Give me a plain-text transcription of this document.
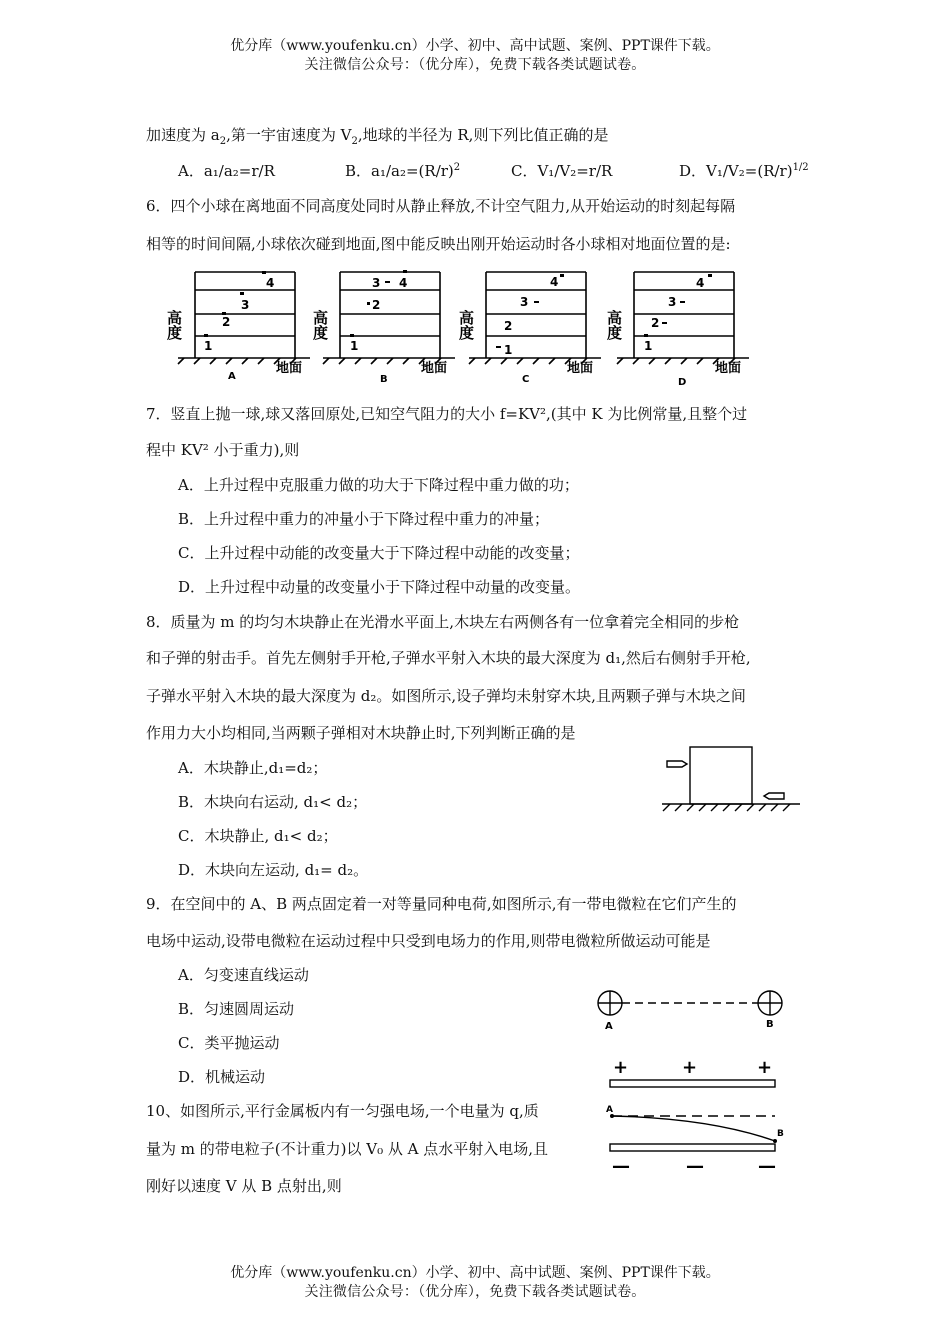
优分库（www.youfenku.cn）小学、初中、高中试题、案例、PPT课件下载。
关注微信公众号：（优分库），免费下载各类试题试卷。
加速度为 $a_2$,第一宇宙速度为 $V_2$,地球的半径为 R,则下列比值正确的是
A．a₁/a₂=r/R	B．$a_1/a_2=(R/r)^2$	C．V₁/V₂=r/R	D．$V_1/V_2=(R/r)^{1/2}$
6．四个小球在离地面不同高度处同时从静止释放,不计空气阻力,从开始运动的时刻起每隔
相等的时间间隔,小球依次碰到地面,图中能反映出刚开始运动时各小球相对地面位置的是:
高度	高度	高度	高度
1
2
3
4
1
2
3 4
1
2
3
4
1
2
3
4
地面	地面	地面	地面
A	B	C	D
7．竖直上抛一球,球又落回原处,已知空气阻力的大小 f=KV²,(其中 K 为比例常量,且整个过
程中 KV² 小于重力),则
A．上升过程中克服重力做的功大于下降过程中重力做的功；
B．上升过程中重力的冲量小于下降过程中重力的冲量；
C．上升过程中动能的改变量大于下降过程中动能的改变量；
D．上升过程中动量的改变量小于下降过程中动量的改变量。
8．质量为 m 的均匀木块静止在光滑水平面上,木块左右两侧各有一位拿着完全相同的步枪
和子弹的射击手。首先左侧射手开枪,子弹水平射入木块的最大深度为 d₁,然后右侧射手开枪,
子弹水平射入木块的最大深度为 d₂。如图所示,设子弹均未射穿木块,且两颗子弹与木块之间
作用力大小均相同,当两颗子弹相对木块静止时,下列判断正确的是
A．木块静止,d₁=d₂；
B．木块向右运动, d₁< d₂；
C．木块静止, d₁< d₂；
D．木块向左运动, d₁= d₂。
9．在空间中的 A、B 两点固定着一对等量同种电荷,如图所示,有一带电微粒在它们产生的
电场中运动,设带电微粒在运动过程中只受到电场力的作用,则带电微粒所做运动可能是
A．匀变速直线运动
B．匀速圆周运动
C．类平抛运动
D．机械运动
A	B
10、如图所示,平行金属板内有一匀强电场,一个电量为 q,质
量为 m 的带电粒子(不计重力)以 V₀ 从 A 点水平射入电场,且
刚好以速度 V 从 B 点射出,则
+	+	+
—	—	—
A
B
优分库（www.youfenku.cn）小学、初中、高中试题、案例、PPT课件下载。
关注微信公众号：（优分库），免费下载各类试题试卷。
